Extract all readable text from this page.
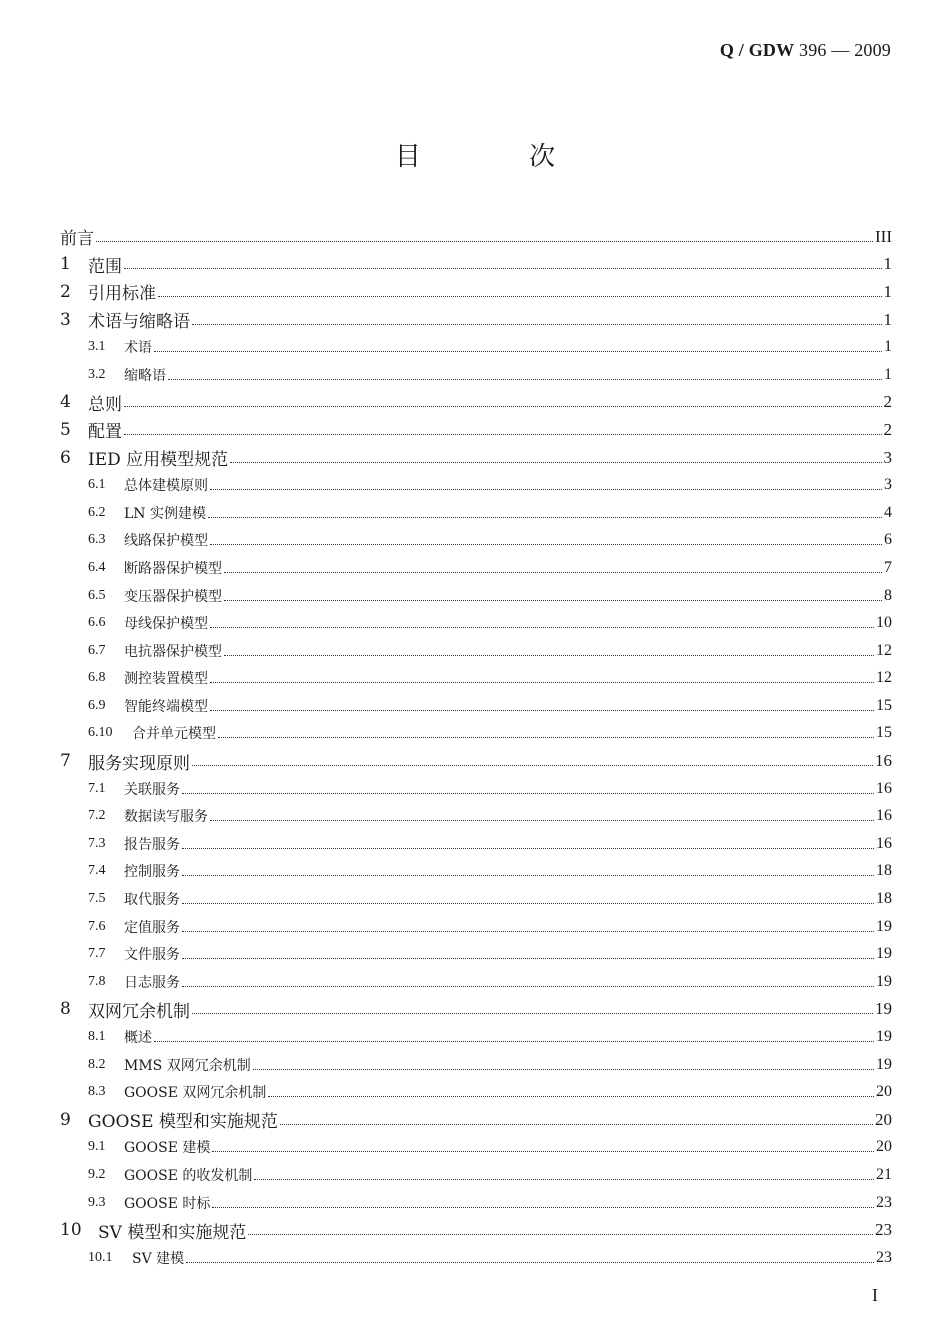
Q / GDW 396 — 2009
目 次
前言	III
1	范围	1
2	引用标准	1
3	术语与缩略语	1
3.1	术语	1
3.2	缩略语	1
4	总则	2
5	配置	2
6	IED 应用模型规范	3
6.1	总体建模原则	3
6.2	LN 实例建模	4
6.3	线路保护模型	6
6.4	断路器保护模型	7
6.5	变压器保护模型	8
6.6	母线保护模型	10
6.7	电抗器保护模型	12
6.8	测控装置模型	12
6.9	智能终端模型	15
6.10	合并单元模型	15
7	服务实现原则	16
7.1	关联服务	16
7.2	数据读写服务	16
7.3	报告服务	16
7.4	控制服务	18
7.5	取代服务	18
7.6	定值服务	19
7.7	文件服务	19
7.8	日志服务	19
8	双网冗余机制	19
8.1	概述	19
8.2	MMS 双网冗余机制	19
8.3	GOOSE 双网冗余机制	20
9	GOOSE 模型和实施规范	20
9.1	GOOSE 建模	20
9.2	GOOSE 的收发机制	21
9.3	GOOSE 时标	23
10 SV 模型和实施规范	23
10.1	SV 建模	23
I
